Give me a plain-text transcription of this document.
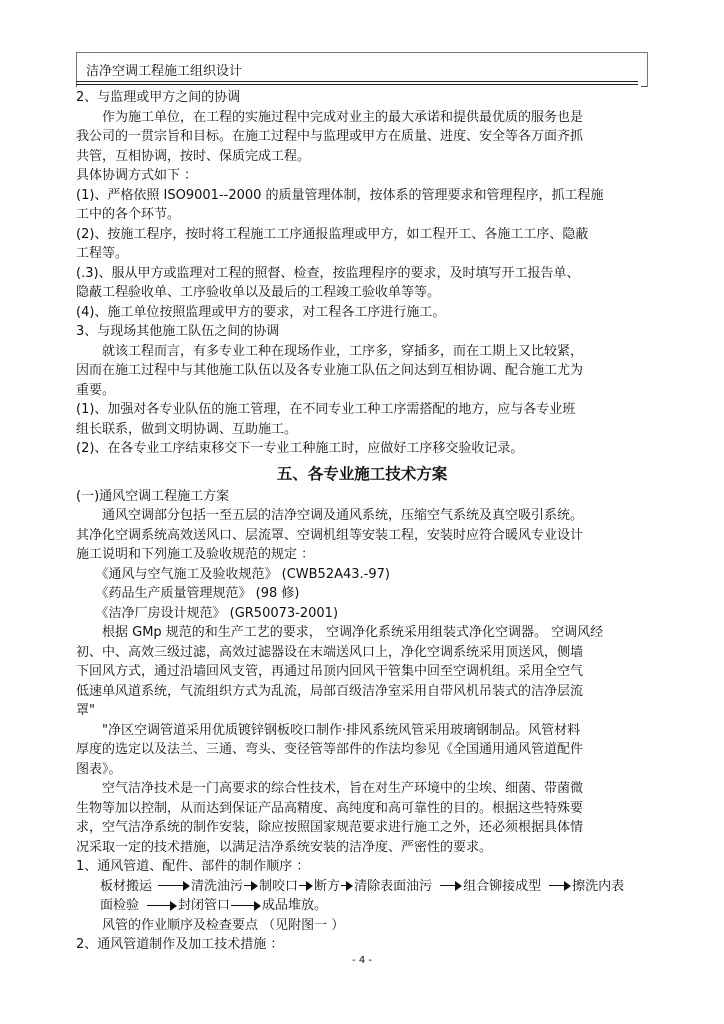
洁净空调工程施工组织设计
2、与监理或甲方之间的协调
　　作为施工单位，在工程的实施过程中完成对业主的最大承诺和提供最优质的服务也是
我公司的一贯宗旨和目标。在施工过程中与监理或甲方在质量、进度、安全等各万面齐抓
共管，互相协调，按时、保质完成工程。
具体协调方式如下 ：
(1)、严格依照 ISO9001--2000 的质量管理体制，按体系的管理要求和管理程序，抓工程施
工中的各个环节。
(2)、按施工程序，按时将工程施工工序通报监理或甲方，如工程开工、各施工工序、隐蔽
工程等。
(.3)、服从甲方或监理对工程的照督、检查，按监理程序的要求，及时填写开工报告单、
隐蔽工程验收单、工序验收单以及最后的工程竣工验收单等等。
(4)、施工单位按照监理或甲方的要求，对工程各工序进行施工。
3、与现场其他施工队伍之间的协调
　　就该工程而言，有多专业工种在现场作业，工序多，穿插多，而在工期上又比较紧，
因而在施工过程中与其他施工队伍以及各专业施工队伍之间达到互相协调、配合施工尤为
重要。
(1)、加强对各专业队伍的施工管理，在不同专业工种工序需搭配的地方，应与各专业班
组长联系，做到文明协调、互助施工。
(2)、在各专业工序结束移交下一专业工种施工时，应做好工序移交验收记录。
五、各专业施工技术方案
(一)通风空调工程施工方案
　　通风空调部分包括一至五层的洁净空调及通风系统，压缩空气系统及真空吸引系统。
其净化空调系统高效送风口、层流罩、空调机组等安装工程，安装时应符合暖风专业设计
施工说明和下列施工及验收规范的规定 ：
　　《通风与空气施工及验收规范》 (CWB52A43.-97)
　　《药品生产质量管理规范》 (98 修)
　　《洁净厂房设计规范》 (GR50073-2001)
　　根据 GMp 规范的和生产工艺的要求， 空调净化系统采用组装式净化空调器。 空调风经
初、中、高效三级过滤，高效过滤器设在末端送风口上，净化空调系统采用顶送风，侧墙
下回风方式，通过沿墙回风支管，再通过吊顶内回风干管集中回至空调机组。采用全空气
低速单风道系统，气流组织方式为乱流，局部百级洁净室采用自带风机吊装式的洁净层流
罩"
　　"净区空调管道采用优质镀锌钢板咬口制作·排风系统风管采用玻璃钢制品。风管材料
厚度的选定以及法兰、三通、弯头、变径管等部件的作法均参见《全国通用通风管道配件
图表》。
　　空气洁净技术是一门高要求的综合性技术，旨在对生产环境中的尘埃、细菌、带菌微
生物等加以控制，从而达到保证产品高精度、高纯度和高可靠性的目的。根据这些特殊要
求，空气洁净系统的制作安装，除应按照国家规范要求进行施工之外，还必须根据具体情
况采取一定的技术措施，以满足洁净系统安装的洁净度、严密性的要求。
1、通风管道、配件、部件的制作顺序 ：
板材搬运	清洗油污 制咬口 断方 清除表面油污 组合铆接成型 擦洗内表
面检验	封闭管口 成品堆放。
　　风管的作业顺序及检查要点 （见附图一 ）
2、通风管道制作及加工技术措施 ：
- 4 -
